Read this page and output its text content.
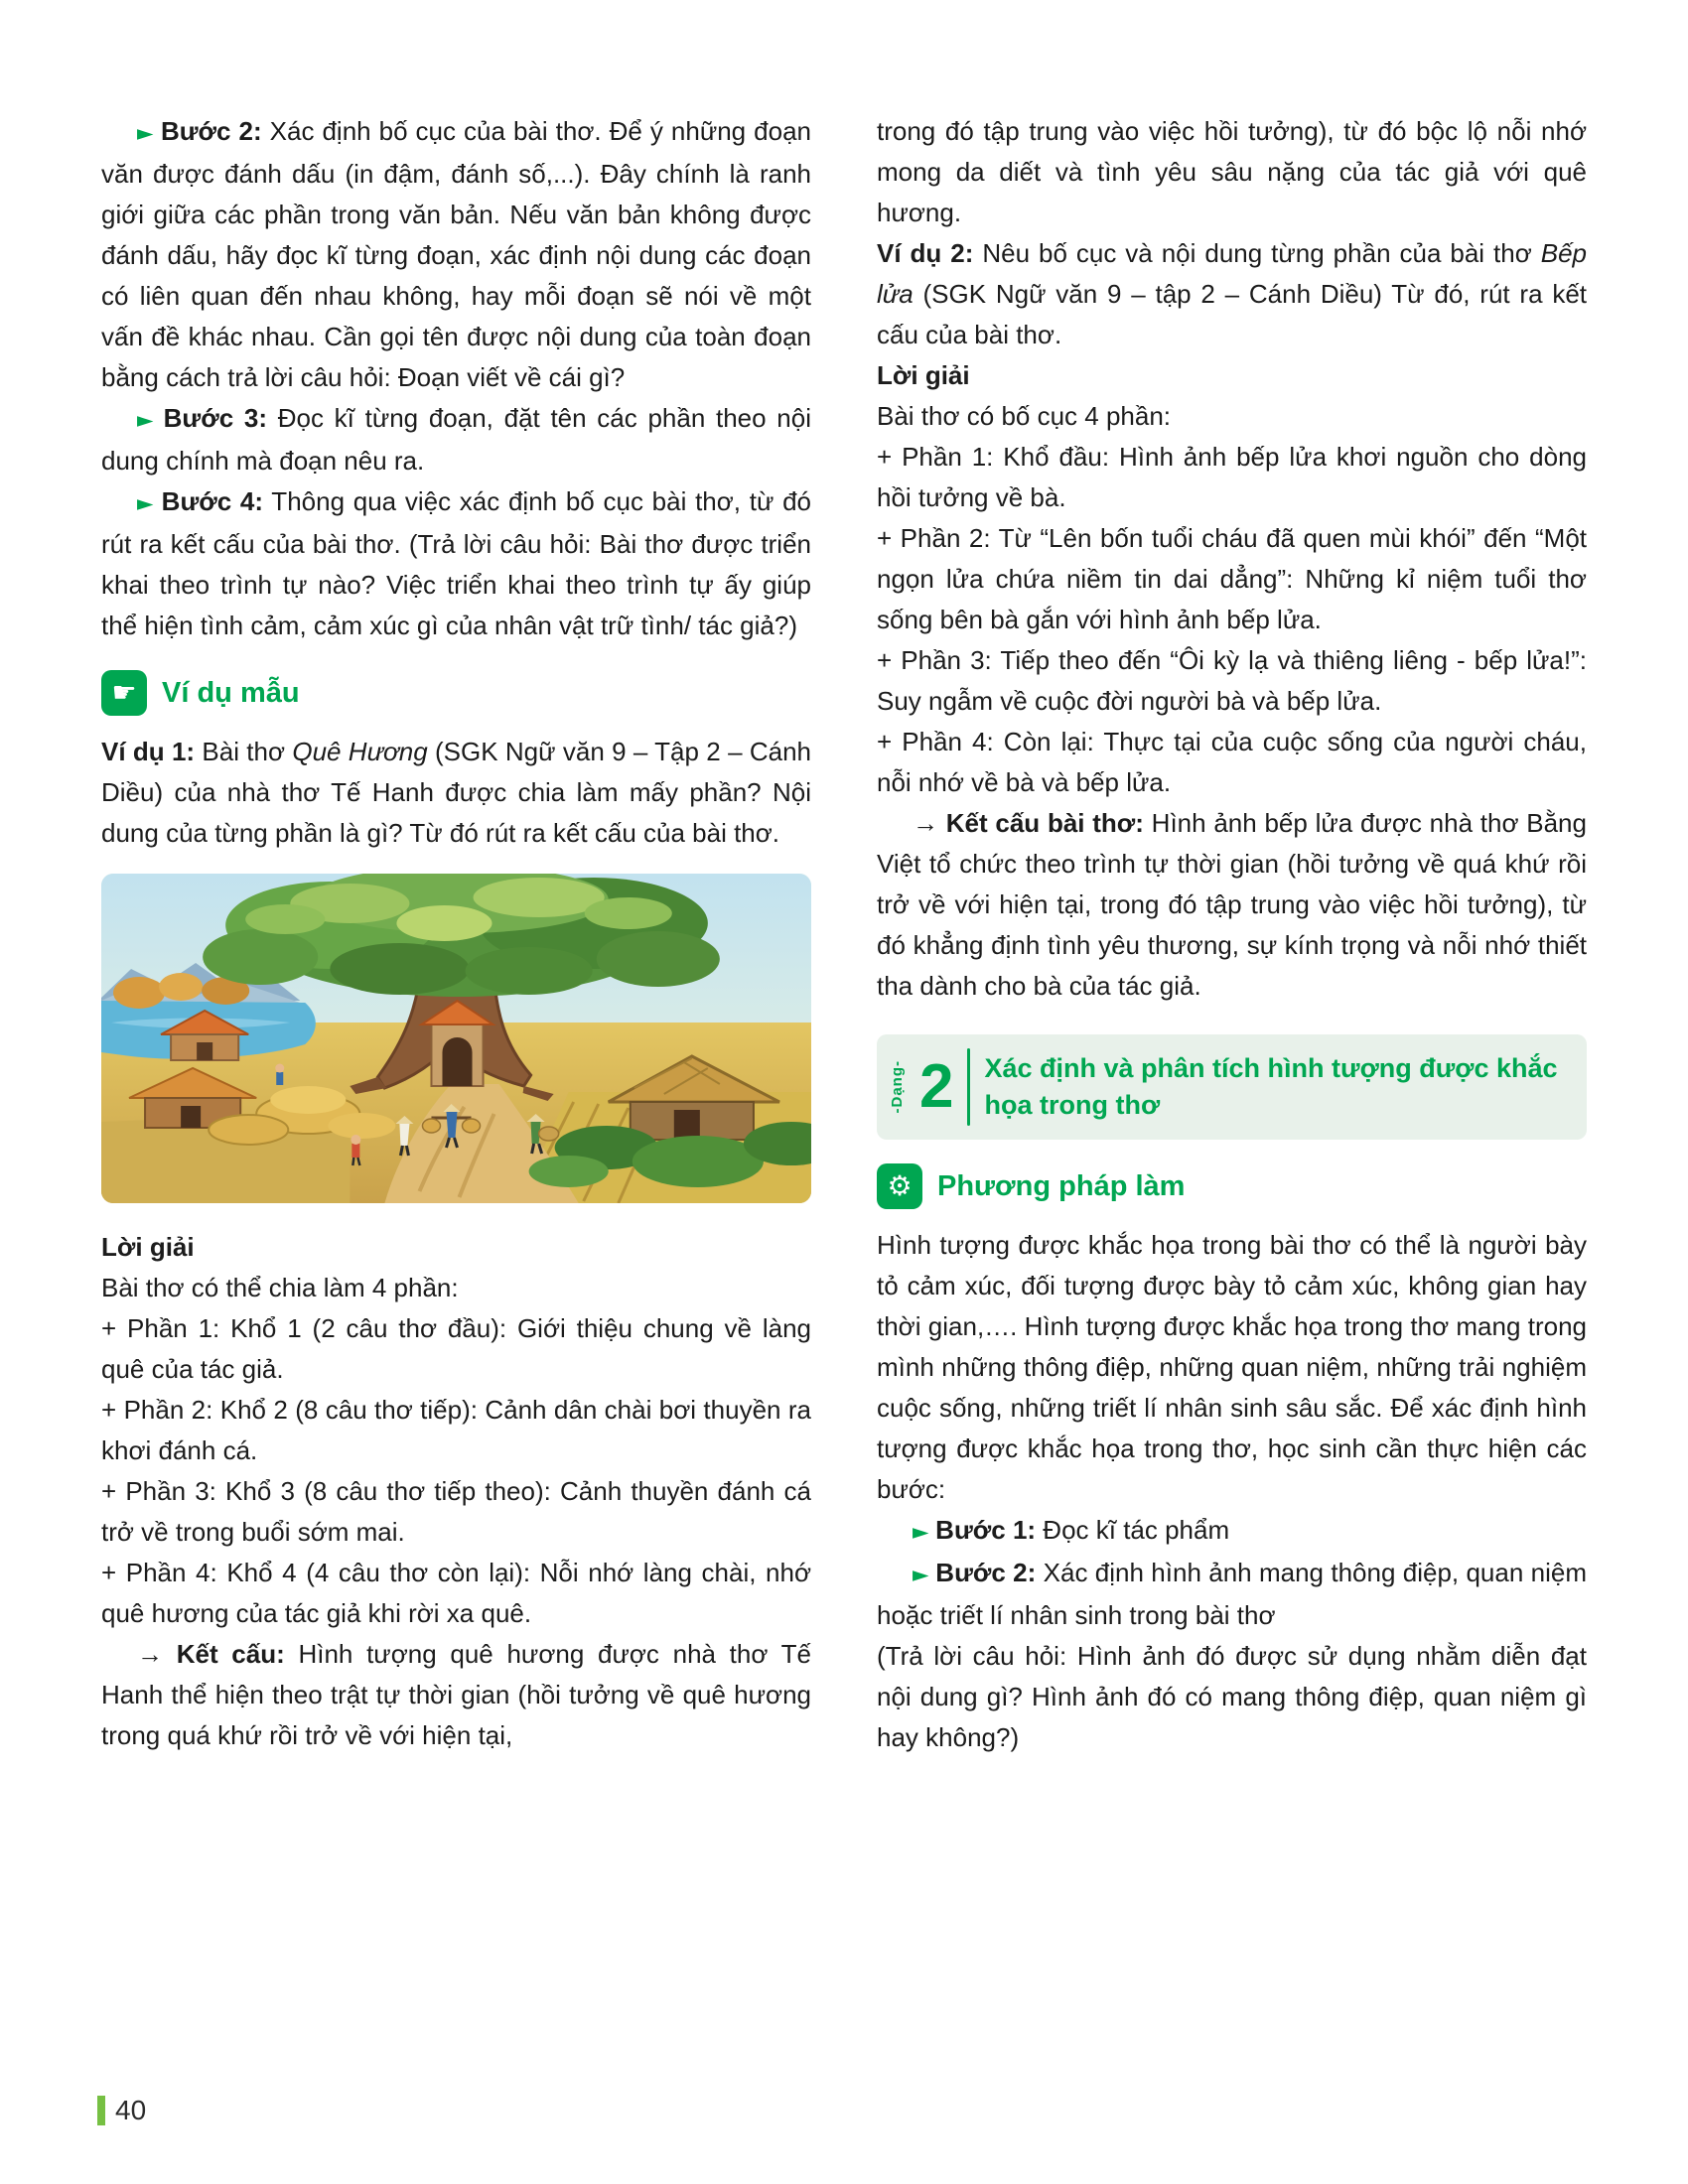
► Bước 2: Xác định bố cục của bài thơ. Để ý những đoạn văn được đánh dấu (in đậm, đánh số,...). Đây chính là ranh giới giữa các phần trong văn bản. Nếu văn bản không được đánh dấu, hãy đọc kĩ từng đoạn, xác định nội dung các đoạn có liên quan đến nhau không, hay mỗi đoạn sẽ nói về một vấn đề khác nhau. Cần gọi tên được nội dung của toàn đoạn bằng cách trả lời câu hỏi: Đoạn viết về cái gì?

► Bước 3: Đọc kĩ từng đoạn, đặt tên các phần theo nội dung chính mà đoạn nêu ra.

► Bước 4: Thông qua việc xác định bố cục bài thơ, từ đó rút ra kết cấu của bài thơ. (Trả lời câu hỏi: Bài thơ được triển khai theo trình tự nào? Việc triển khai theo trình tự ấy giúp thể hiện tình cảm, cảm xúc gì của nhân vật trữ tình/ tác giả?)

☛ Ví dụ mẫu

Ví dụ 1: Bài thơ Quê Hương (SGK Ngữ văn 9 – Tập 2 – Cánh Diều) của nhà thơ Tế Hanh được chia làm mấy phần? Nội dung của từng phần là gì? Từ đó rút ra kết cấu của bài thơ.

Lời giải

Bài thơ có thể chia làm 4 phần:

+ Phần 1: Khổ 1 (2 câu thơ đầu): Giới thiệu chung về làng quê của tác giả.

+ Phần 2: Khổ 2 (8 câu thơ tiếp): Cảnh dân chài bơi thuyền ra khơi đánh cá.

+ Phần 3: Khổ 3 (8 câu thơ tiếp theo): Cảnh thuyền đánh cá trở về trong buổi sớm mai.

+ Phần 4: Khổ 4 (4 câu thơ còn lại): Nỗi nhớ làng chài, nhớ quê hương của tác giả khi rời xa quê.

→ Kết cấu: Hình tượng quê hương được nhà thơ Tế Hanh thể hiện theo trật tự thời gian (hồi tưởng về quê hương trong quá khứ rồi trở về với hiện tại,

trong đó tập trung vào việc hồi tưởng), từ đó bộc lộ nỗi nhớ mong da diết và tình yêu sâu nặng của tác giả với quê hương.

Ví dụ 2: Nêu bố cục và nội dung từng phần của bài thơ Bếp lửa (SGK Ngữ văn 9 – tập 2 – Cánh Diều) Từ đó, rút ra kết cấu của bài thơ.

Lời giải

Bài thơ có bố cục 4 phần:

+ Phần 1: Khổ đầu: Hình ảnh bếp lửa khơi nguồn cho dòng hồi tưởng về bà.

+ Phần 2: Từ “Lên bốn tuổi cháu đã quen mùi khói” đến “Một ngọn lửa chứa niềm tin dai dẳng”: Những kỉ niệm tuổi thơ sống bên bà gắn với hình ảnh bếp lửa.

+ Phần 3: Tiếp theo đến “Ôi kỳ lạ và thiêng liêng - bếp lửa!”: Suy ngẫm về cuộc đời người bà và bếp lửa.

+ Phần 4: Còn lại: Thực tại của cuộc sống của người cháu, nỗi nhớ về bà và bếp lửa.

→ Kết cấu bài thơ: Hình ảnh bếp lửa được nhà thơ Bằng Việt tổ chức theo trình tự thời gian (hồi tưởng về quá khứ rồi trở về với hiện tại, trong đó tập trung vào việc hồi tưởng), từ đó khẳng định tình yêu thương, sự kính trọng và nỗi nhớ thiết tha dành cho bà của tác giả.

-Dạng- 2 Xác định và phân tích hình tượng được khắc họa trong thơ
⚙ Phương pháp làm

Hình tượng được khắc họa trong bài thơ có thể là người bày tỏ cảm xúc, đối tượng được bày tỏ cảm xúc, không gian hay thời gian,…. Hình tượng được khắc họa trong thơ mang trong mình những thông điệp, những quan niệm, những trải nghiệm cuộc sống, những triết lí nhân sinh sâu sắc. Để xác định hình tượng được khắc họa trong thơ, học sinh cần thực hiện các bước:

► Bước 1: Đọc kĩ tác phẩm

► Bước 2: Xác định hình ảnh mang thông điệp, quan niệm hoặc triết lí nhân sinh trong bài thơ

(Trả lời câu hỏi: Hình ảnh đó được sử dụng nhằm diễn đạt nội dung gì? Hình ảnh đó có mang thông điệp, quan niệm gì hay không?)

40
